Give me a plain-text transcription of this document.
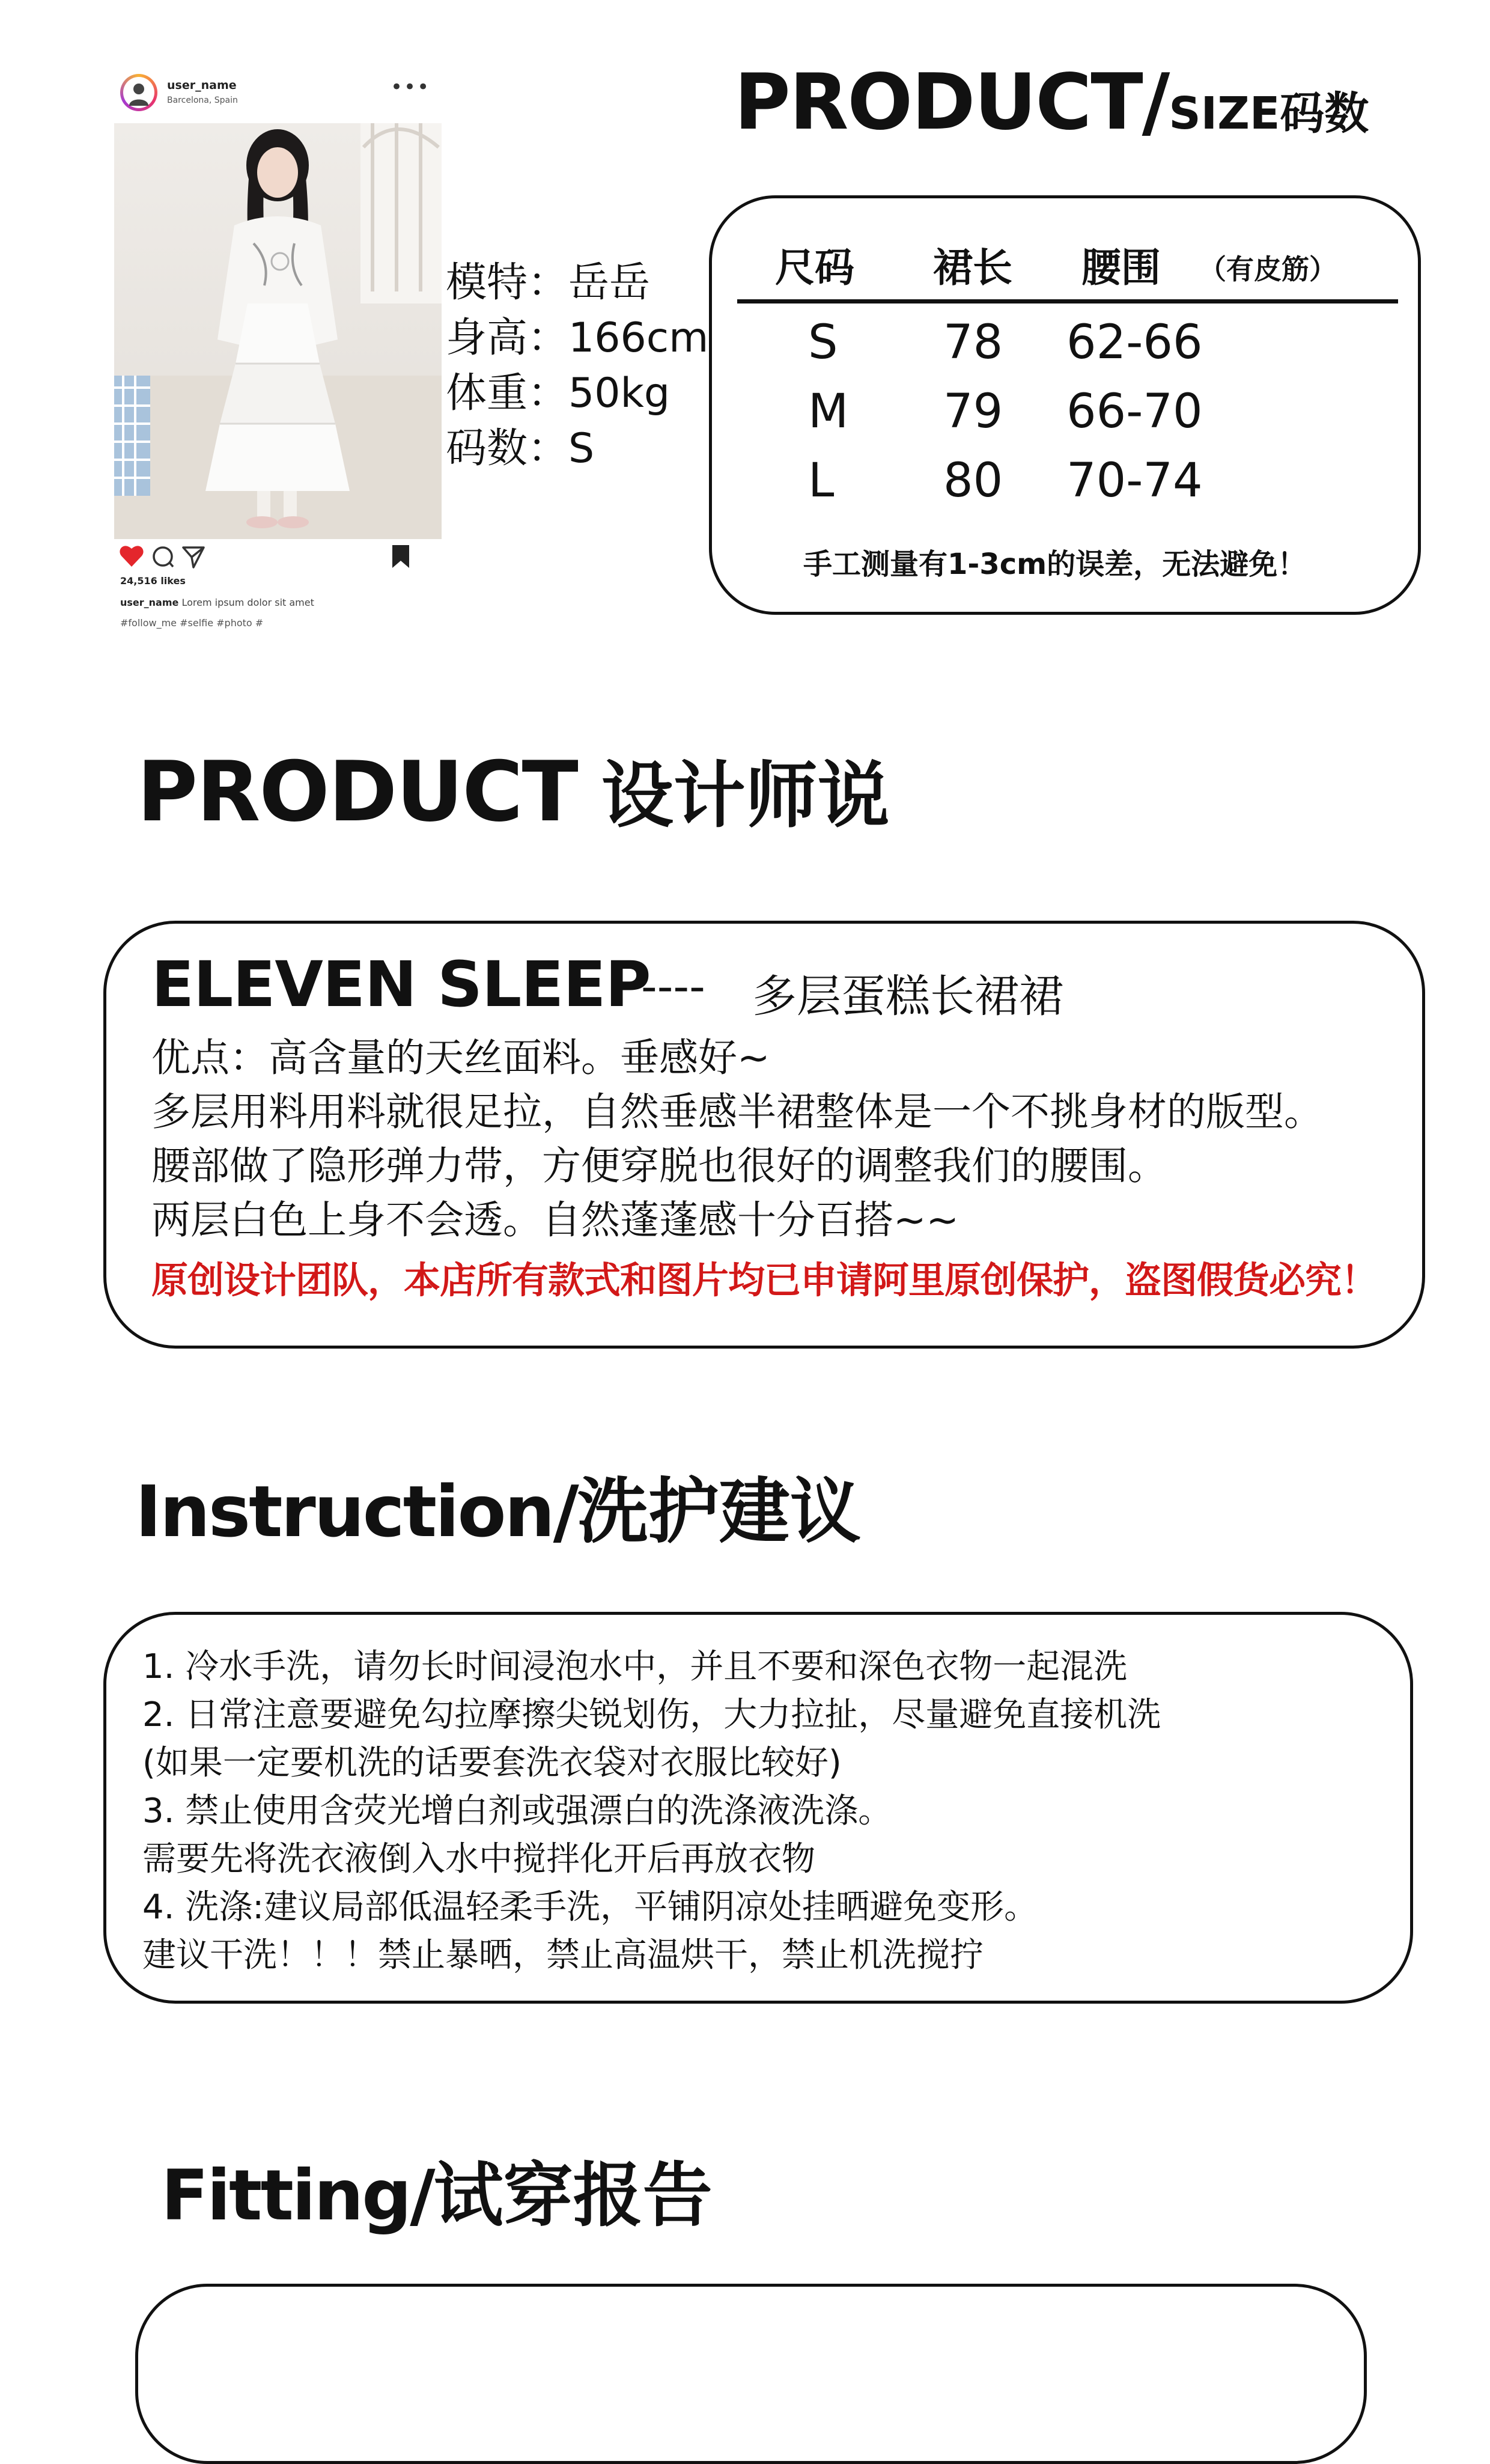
user_name
Barcelona, Spain
•••
24,516 likes
user_name Lorem ipsum dolor sit amet
#follow_me #selfie #photo #
模特：岳岳
身高：166cm
体重：50kg
码数：S
PRODUCT/SIZE码数
尺码 裙长 腰围 （有皮筋）
S 78 62-66
M 79 66-70
L 80 70-74
手工测量有1-3cm的误差，无法避免！
PRODUCT 设计师说
ELEVEN SLEEP
---- 多层蛋糕长裙裙
优点：高含量的天丝面料。垂感好~
多层用料用料就很足拉，自然垂感半裙整体是一个不挑身材的版型。
腰部做了隐形弹力带，方便穿脱也很好的调整我们的腰围。
两层白色上身不会透。自然蓬蓬感十分百搭~~
原创设计团队，本店所有款式和图片均已申请阿里原创保护，盗图假货必究！
Instruction/洗护建议
1. 冷水手洗，请勿长时间浸泡水中，并且不要和深色衣物一起混洗
2. 日常注意要避免勾拉摩擦尖锐划伤，大力拉扯，尽量避免直接机洗
(如果一定要机洗的话要套洗衣袋对衣服比较好)
3. 禁止使用含荧光增白剂或强漂白的洗涤液洗涤。
需要先将洗衣液倒入水中搅拌化开后再放衣物
4. 洗涤:建议局部低温轻柔手洗，平铺阴凉处挂晒避免变形。
建议干洗！！！禁止暴晒，禁止高温烘干，禁止机洗搅拧
Fitting/试穿报告
